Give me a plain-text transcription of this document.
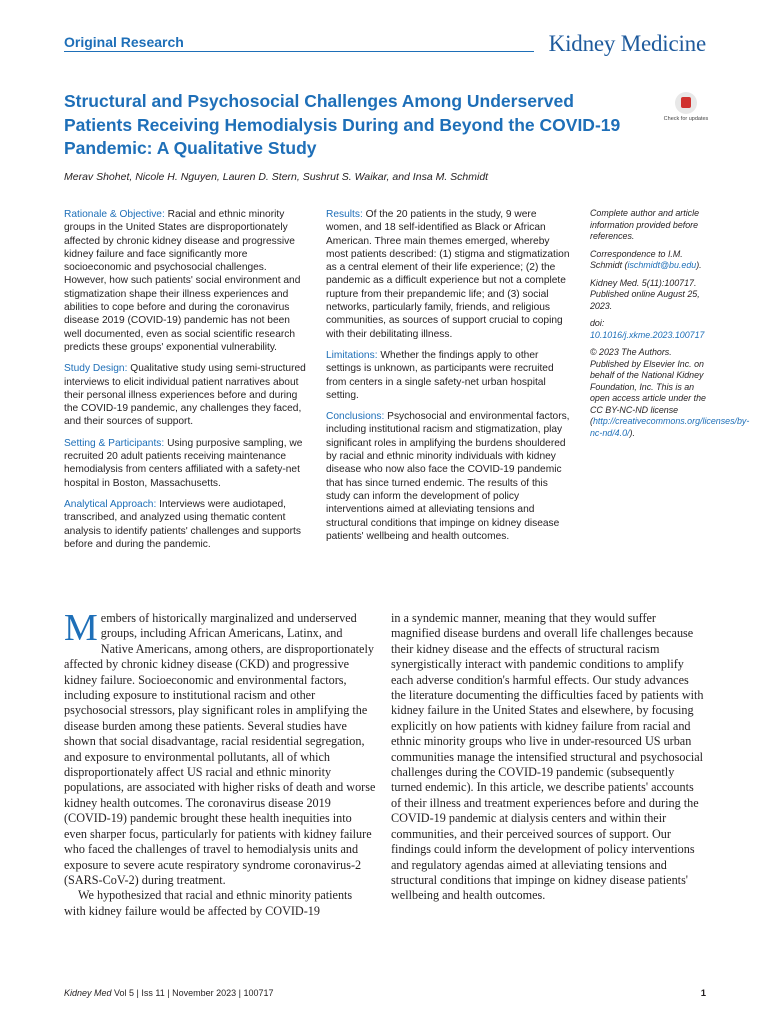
Original Research	Kidney Medicine
Structural and Psychosocial Challenges Among Underserved Patients Receiving Hemodialysis During and Beyond the COVID-19 Pandemic: A Qualitative Study
Check for updates
Merav Shohet, Nicole H. Nguyen, Lauren D. Stern, Sushrut S. Waikar, and Insa M. Schmidt

Rationale & Objective: Racial and ethnic minority groups in the United States are disproportionately affected by chronic kidney disease and progressive kidney failure and face significantly more socioeconomic and psychosocial challenges. However, how such patients' social environment and stigmatization shape their illness experiences and abilities to cope before and during the coronavirus disease 2019 (COVID-19) pandemic has not been well documented, even as social scientific research predicts these groups' exponential vulnerability.

Study Design: Qualitative study using semi-structured interviews to elicit individual patient narratives about their personal illness experiences before and during the COVID-19 pandemic, any challenges they faced, and their sources of support.

Setting & Participants: Using purposive sampling, we recruited 20 adult patients receiving maintenance hemodialysis from centers affiliated with a safety-net hospital in Boston, Massachusetts.

Analytical Approach: Interviews were audiotaped, transcribed, and analyzed using thematic content analysis to identify patients' challenges and supports before and during the pandemic.

Results: Of the 20 patients in the study, 9 were women, and 18 self-identified as Black or African American. Three main themes emerged, whereby most patients described: (1) stigma and stigmatization as a central element of their life experience; (2) the pandemic as a difficult experience but not a complete rupture from their prepandemic life; and (3) social networks, particularly family, friends, and religious communities, as sources of support crucial to coping with their debilitating illness.

Limitations: Whether the findings apply to other settings is unknown, as participants were recruited from centers in a single safety-net urban hospital setting.

Conclusions: Psychosocial and environmental factors, including institutional racism and stigmatization, play significant roles in amplifying the burdens shouldered by racial and ethnic minority individuals with kidney disease who now also face the COVID-19 pandemic that has since turned endemic. The results of this study can inform the development of policy interventions aimed at alleviating tensions and structural conditions that impinge on kidney disease patients' wellbeing and health outcomes.

Complete author and article information provided before references.

Correspondence to I.M. Schmidt (ischmidt@bu.edu).

Kidney Med. 5(11):100717. Published online August 25, 2023.

doi: 10.1016/j.xkme.2023.100717

© 2023 The Authors. Published by Elsevier Inc. on behalf of the National Kidney Foundation, Inc. This is an open access article under the CC BY-NC-ND license (http://creativecommons.org/licenses/by-nc-nd/4.0/).

Members of historically marginalized and underserved groups, including African Americans, Latinx, and Native Americans, among others, are disproportionately affected by chronic kidney disease (CKD) and progressive kidney failure. Socioeconomic and environmental factors, including exposure to institutional racism and other psychosocial stressors, play significant roles in amplifying the disease burden among these patients. Several studies have shown that social disadvantage, racial residential segregation, and exposure to environmental pollutants, all of which disproportionately affect US racial and ethnic minority populations, are associated with higher risks of death and worse kidney health outcomes. The coronavirus disease 2019 (COVID-19) pandemic brought these health inequities into even sharper focus, particularly for patients with kidney failure who faced the challenges of travel to hemodialysis units and exposure to severe acute respiratory syndrome coronavirus-2 (SARS-CoV-2) during treatment.

We hypothesized that racial and ethnic minority patients with kidney failure would be affected by COVID-19

in a syndemic manner, meaning that they would suffer magnified disease burdens and overall life challenges because their kidney disease and the effects of structural racism synergistically interact with pandemic conditions to amplify each adverse condition's harmful effects. Our study advances the literature documenting the difficulties faced by patients with kidney failure in the United States and elsewhere, by focusing explicitly on how patients with kidney failure from racial and ethnic minority groups who live in under-resourced US urban communities manage the intensified structural and psychosocial challenges during the COVID-19 pandemic (subsequently turned endemic). In this article, we describe patients' accounts of their illness and treatment experiences before and during the COVID-19 pandemic at dialysis centers and within their communities, and their perceived sources of support. Our findings could inform the development of policy interventions and regulatory agendas aimed at alleviating tensions and structural conditions that impinge on kidney disease patients' wellbeing and health outcomes.

Kidney Med Vol 5 | Iss 11 | November 2023 | 100717	1
